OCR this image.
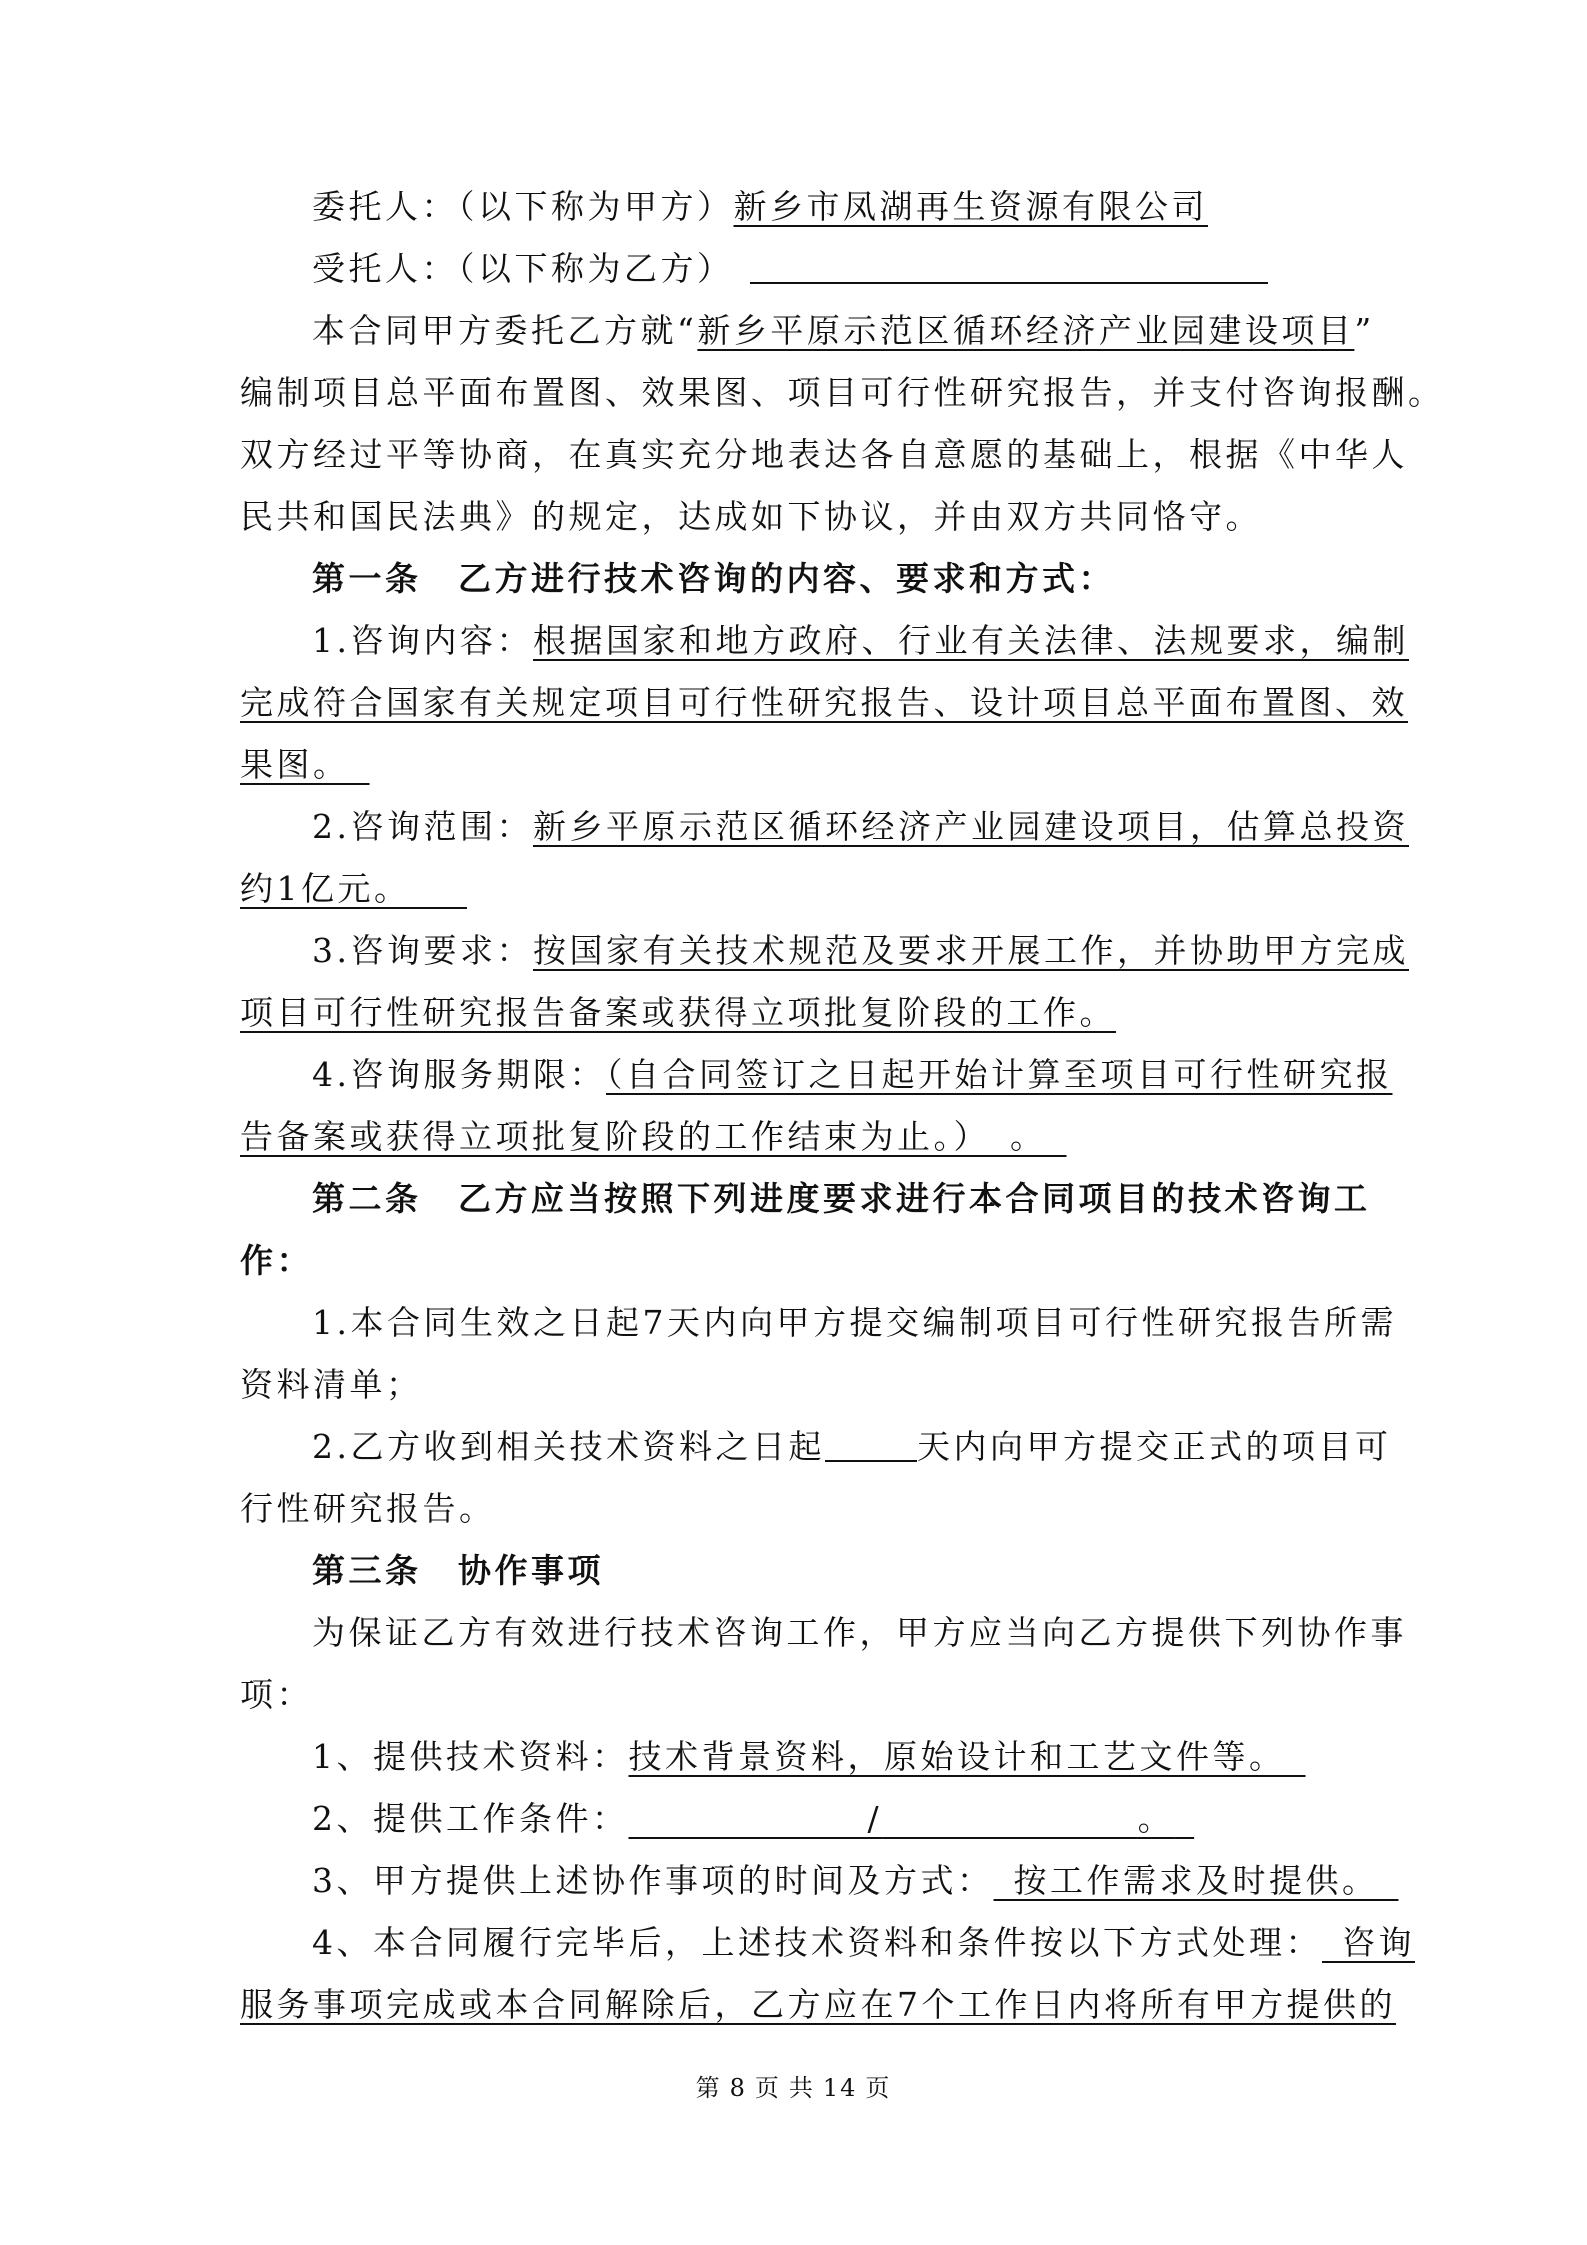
委托人：（以下称为甲方）新乡市凤湖再生资源有限公司
受托人：（以下称为乙方）
本合同甲方委托乙方就“新乡平原示范区循环经济产业园建设项目”
编制项目总平面布置图、效果图、项目可行性研究报告，并支付咨询报酬。
双方经过平等协商，在真实充分地表达各自意愿的基础上，根据《中华人
民共和国民法典》的规定，达成如下协议，并由双方共同恪守。
第一条　乙方进行技术咨询的内容、要求和方式：
1.咨询内容：根据国家和地方政府、行业有关法律、法规要求，编制
完成符合国家有关规定项目可行性研究报告、设计项目总平面布置图、效
果图。 
2.咨询范围：新乡平原示范区循环经济产业园建设项目，估算总投资
约1亿元。  
3.咨询要求：按国家有关技术规范及要求开展工作，并协助甲方完成
项目可行性研究报告备案或获得立项批复阶段的工作。
4.咨询服务期限：（自合同签订之日起开始计算至项目可行性研究报
告备案或获得立项批复阶段的工作结束为止。）　。 
第二条　乙方应当按照下列进度要求进行本合同项目的技术咨询工
作：
1.本合同生效之日起7天内向甲方提交编制项目可行性研究报告所需
资料清单；
2.乙方收到相关技术资料之日起	天内向甲方提交正式的项目可
行性研究报告。
第三条　协作事项
为保证乙方有效进行技术咨询工作，甲方应当向乙方提供下列协作事
项：
1、提供技术资料：技术背景资料，原始设计和工艺文件等。 
2、提供工作条件：       	/       	。 
3、甲方提供上述协作事项的时间及方式：  按工作需求及时提供。 
4、本合同履行完毕后，上述技术资料和条件按以下方式处理：  咨询
服务事项完成或本合同解除后，乙方应在7个工作日内将所有甲方提供的
第 8 页 共 14 页
